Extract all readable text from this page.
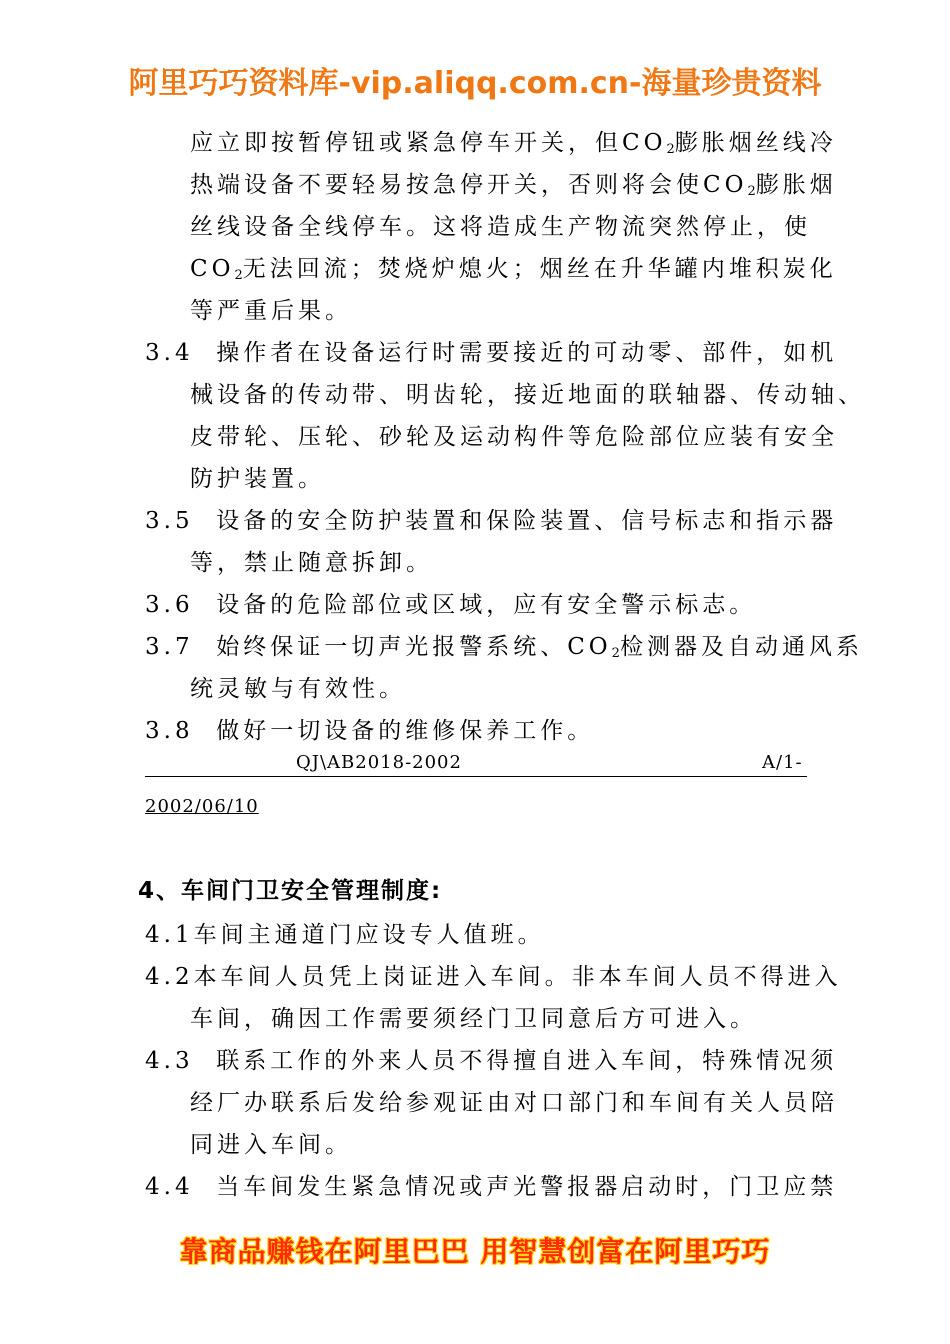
阿里巧巧资料库-vip.aliqq.com.cn-海量珍贵资料
应立即按暂停钮或紧急停车开关，但$CO_2$膨胀烟丝线冷
热端设备不要轻易按急停开关，否则将会使$CO_2$膨胀烟
丝线设备全线停车。这将造成生产物流突然停止，使
$CO_2$无法回流；焚烧炉熄火；烟丝在升华罐内堆积炭化
等严重后果。
3.4 操作者在设备运行时需要接近的可动零、部件，如机
械设备的传动带、明齿轮，接近地面的联轴器、传动轴、
皮带轮、压轮、砂轮及运动构件等危险部位应装有安全
防护装置。
3.5 设备的安全防护装置和保险装置、信号标志和指示器
等，禁止随意拆卸。
3.6 设备的危险部位或区域，应有安全警示标志。
3.7 始终保证一切声光报警系统、$CO_2$检测器及自动通风系
统灵敏与有效性。
3.8 做好一切设备的维修保养工作。
QJ\AB2018-2002	A/1-
2002/06/10
4、车间门卫安全管理制度:
4.1车间主通道门应设专人值班。
4.2本车间人员凭上岗证进入车间。非本车间人员不得进入
车间，确因工作需要须经门卫同意后方可进入。
4.3 联系工作的外来人员不得擅自进入车间，特殊情况须
经厂办联系后发给参观证由对口部门和车间有关人员陪
同进入车间。
4.4 当车间发生紧急情况或声光警报器启动时，门卫应禁
靠商品赚钱在阿里巴巴 用智慧创富在阿里巧巧
